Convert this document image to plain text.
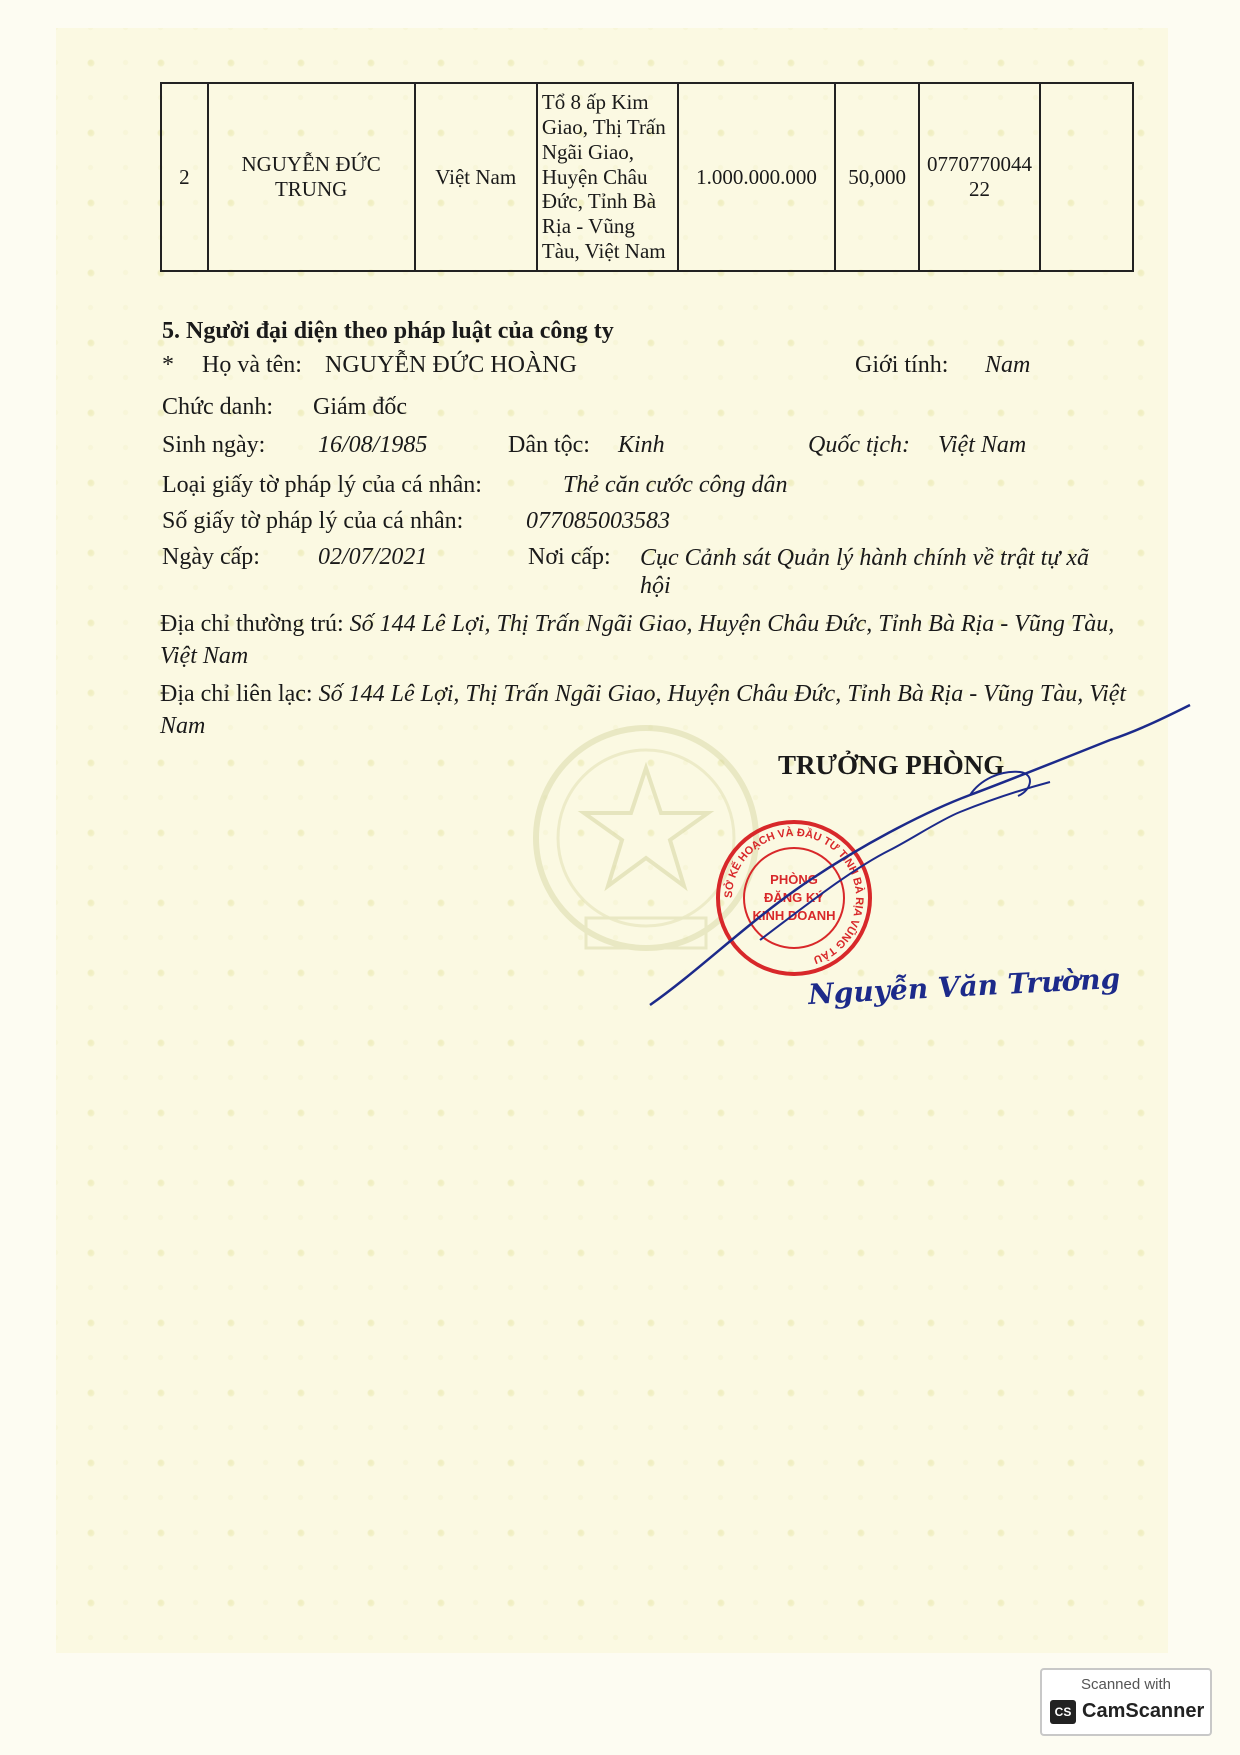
2	NGUYỄN ĐỨC TRUNG	Việt Nam	Tổ 8 ấp Kim Giao, Thị Trấn Ngãi Giao, Huyện Châu Đức, Tỉnh Bà Rịa - Vũng Tàu, Việt Nam	1.000.000.000	50,000	077077004422	
5. Người đại diện theo pháp luật của công ty
* Họ và tên: NGUYỄN ĐỨC HOÀNG	Giới tính: Nam
Chức danh: Giám đốc
Sinh ngày: 16/08/1985	Dân tộc: Kinh	Quốc tịch: Việt Nam
Loại giấy tờ pháp lý của cá nhân:	Thẻ căn cước công dân
Số giấy tờ pháp lý của cá nhân:	077085003583
Ngày cấp: 02/07/2021	Nơi cấp: Cục Cảnh sát Quản lý hành chính về trật tự xã hội
Địa chỉ thường trú: Số 144 Lê Lợi, Thị Trấn Ngãi Giao, Huyện Châu Đức, Tỉnh Bà Rịa - Vũng Tàu, Việt Nam
Địa chỉ liên lạc: Số 144 Lê Lợi, Thị Trấn Ngãi Giao, Huyện Châu Đức, Tỉnh Bà Rịa - Vũng Tàu, Việt Nam
TRƯỞNG PHÒNG
SỞ KẾ HOẠCH VÀ ĐẦU TƯ TỈNH BÀ RỊA VŨNG TÀU
PHÒNG
ĐĂNG KÝ
KINH DOANH
Nguyễn Văn Trường
Scanned with
CS CamScanner
